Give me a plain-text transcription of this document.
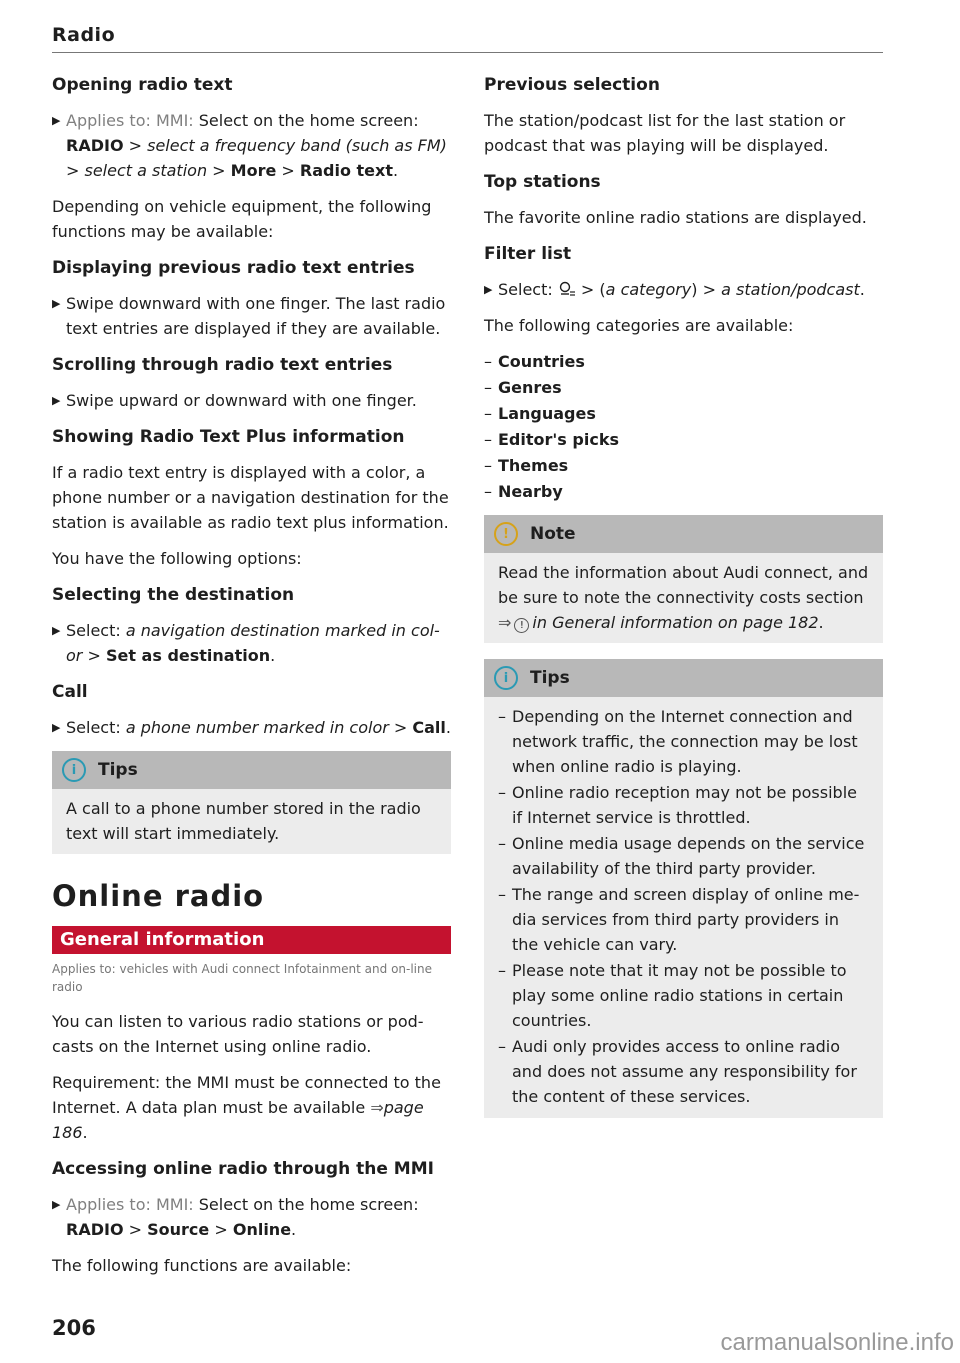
Radio
Opening radio text
▶ Applies to: MMI: Select on the home screen: RADIO > select a frequency band (such as FM)
> select a station > More > Radio text.

Depending on vehicle equipment, the following functions may be available:

Displaying previous radio text entries
▶ Swipe downward with one finger. The last radio text entries are displayed if they are available.
Scrolling through radio text entries
▶ Swipe upward or downward with one finger.
Showing Radio Text Plus information

If a radio text entry is displayed with a color, a phone number or a navigation destination for the station is available as radio text plus information.

You have the following options:

Selecting the destination
▶ Select: a navigation destination marked in col-or > Set as destination.
Call
▶ Select: a phone number marked in color > Call.
i	Tips
A call to a phone number stored in the radio text will start immediately.
Online radio
General information
Applies to: vehicles with Audi connect Infotainment and on-line radio

You can listen to various radio stations or pod-casts on the Internet using online radio.

Requirement: the MMI must be connected to the Internet. A data plan must be available ⇒page 186.

Accessing online radio through the MMI
▶ Applies to: MMI: Select on the home screen: RADIO > Source > Online.

The following functions are available:

Previous selection

The station/podcast list for the last station or podcast that was playing will be displayed.

Top stations

The favorite online radio stations are displayed.

Filter list
▶ Select:  > (a category) > a station/podcast.

The following categories are available:

– Countries
– Genres
– Languages
– Editor's picks
– Themes
– Nearby
!	Note
Read the information about Audi connect, and be sure to note the connectivity costs section ⇒ ! in General information on page 182.
i	Tips
– Depending on the Internet connection and network traffic, the connection may be lost when online radio is playing.
– Online radio reception may not be possible if Internet service is throttled.
– Online media usage depends on the service availability of the third party provider.
– The range and screen display of online me-dia services from third party providers in the vehicle can vary.
– Please note that it may not be possible to play some online radio stations in certain countries.
– Audi only provides access to online radio and does not assume any responsibility for the content of these services.
206
carmanualsonline.info
